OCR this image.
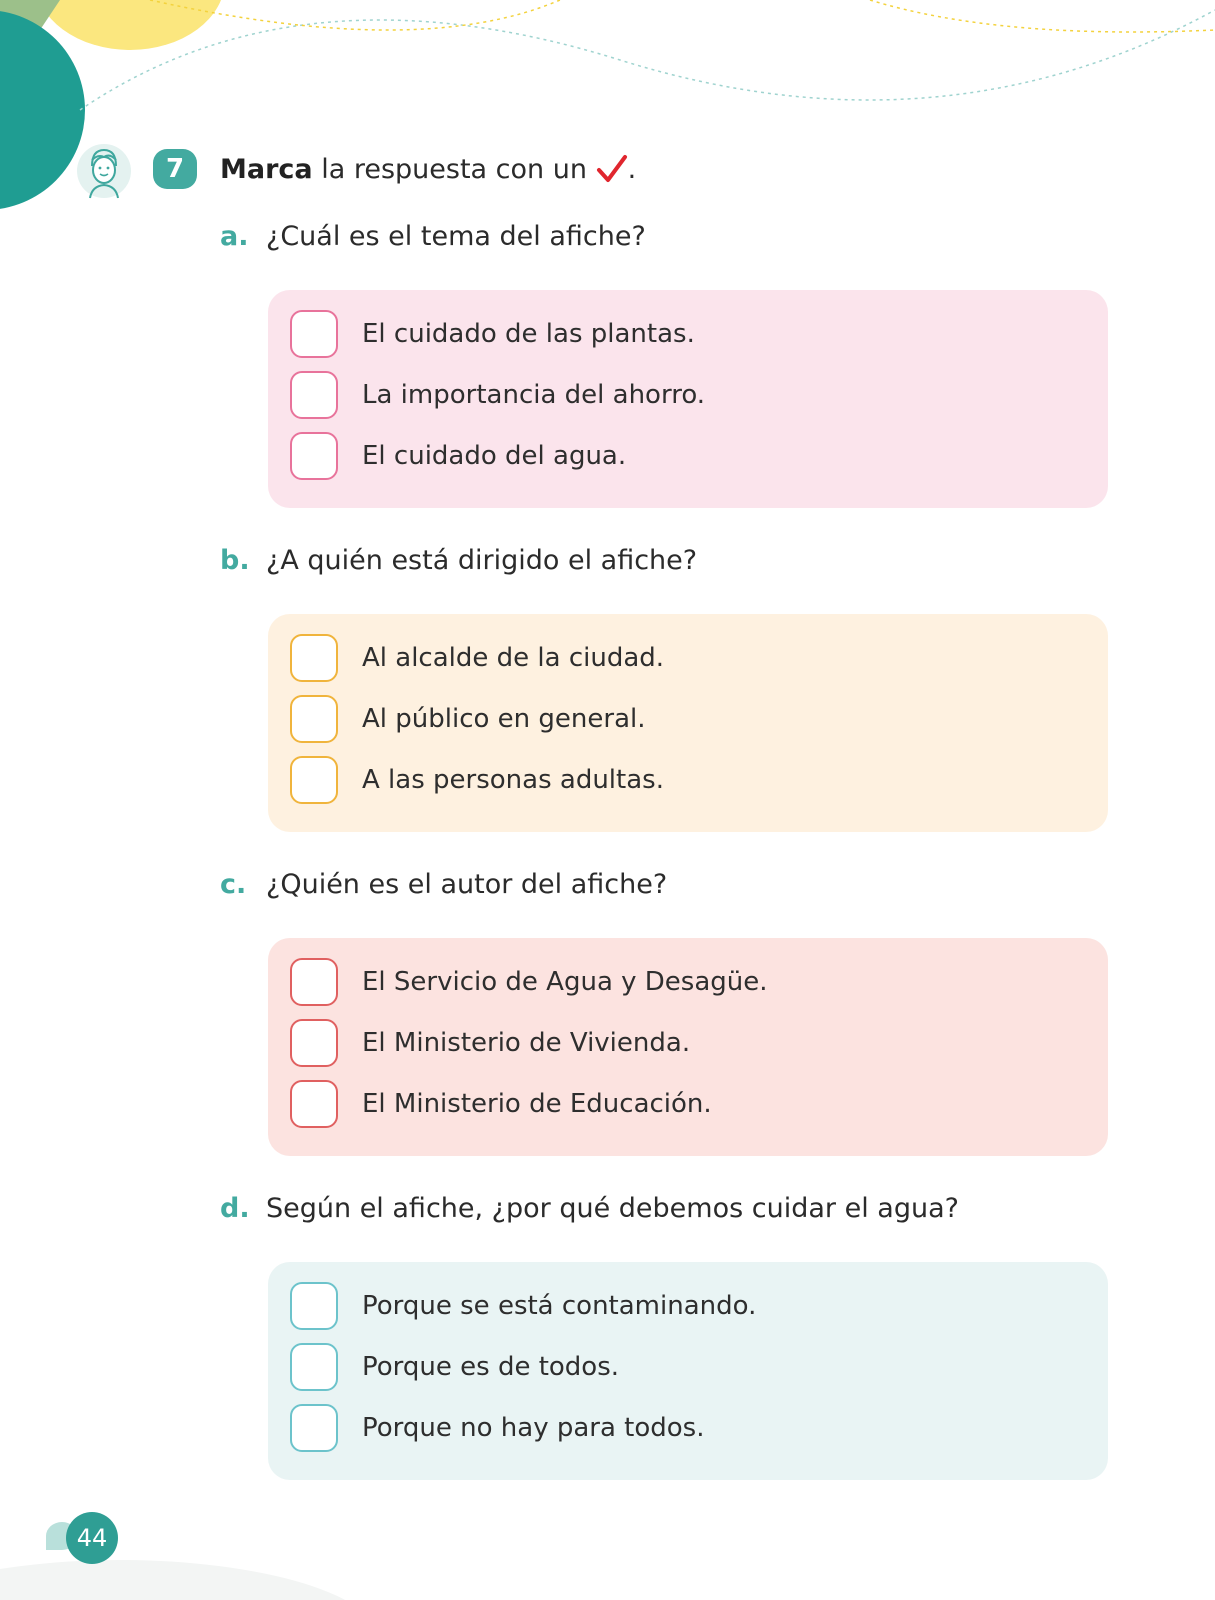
7	Marca la respuesta con un .
a. ¿Cuál es el tema del afiche?
El cuidado de las plantas.
La importancia del ahorro.
El cuidado del agua.
b. ¿A quién está dirigido el afiche?
Al alcalde de la ciudad.
Al público en general.
A las personas adultas.
c. ¿Quién es el autor del afiche?
El Servicio de Agua y Desagüe.
El Ministerio de Vivienda.
El Ministerio de Educación.
d. Según el afiche, ¿por qué debemos cuidar el agua?
Porque se está contaminando.
Porque es de todos.
Porque no hay para todos.
44
